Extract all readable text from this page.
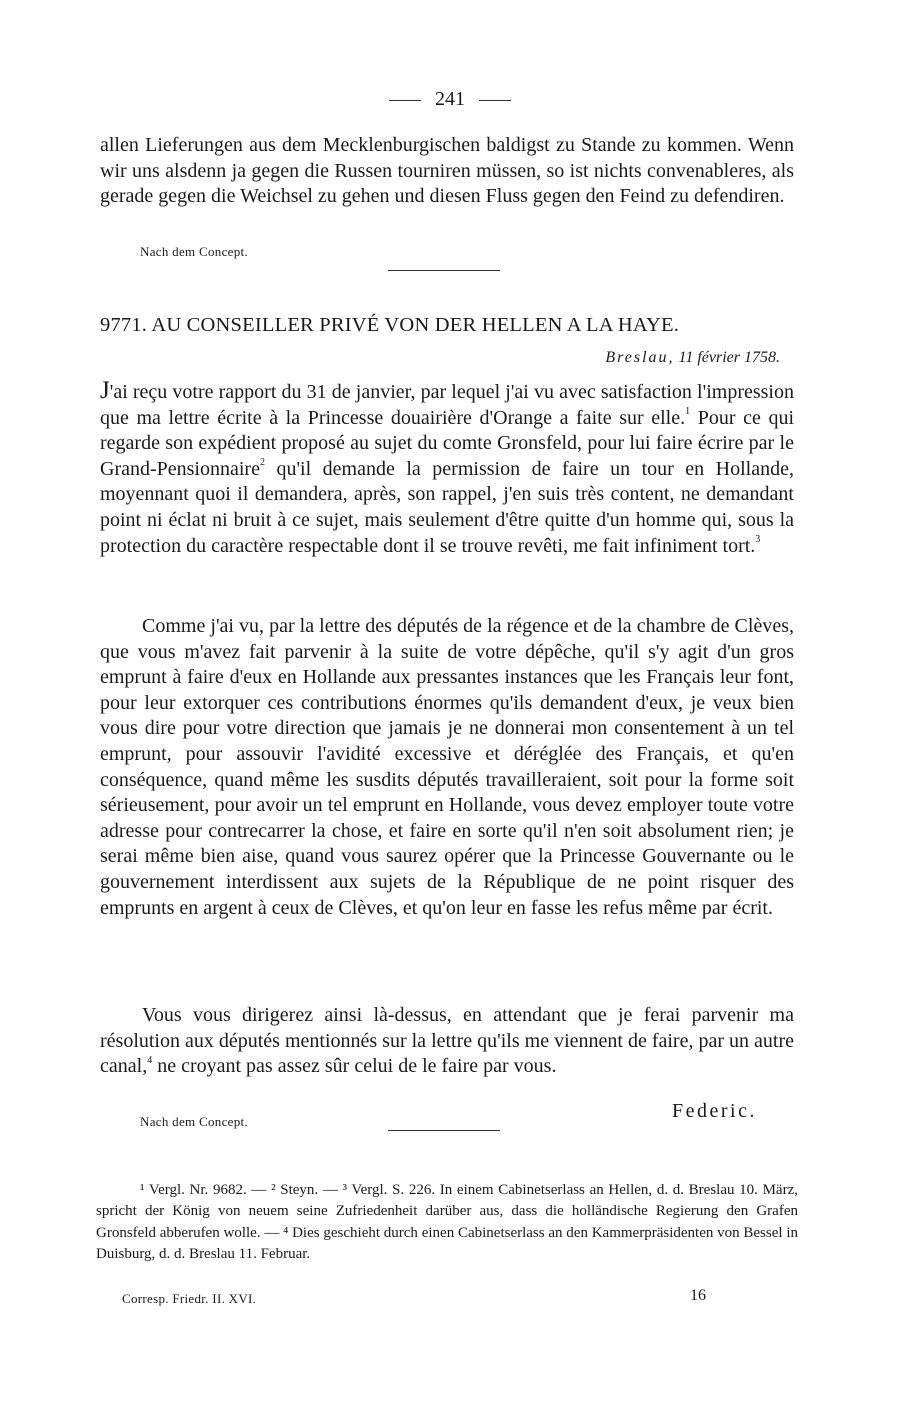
241

allen Lieferungen aus dem Mecklenburgischen baldigst zu Stande zu kommen. Wenn wir uns alsdenn ja gegen die Russen tourniren müssen, so ist nichts convenableres, als gerade gegen die Weichsel zu gehen und diesen Fluss gegen den Feind zu defendiren.

Nach dem Concept.
9771. AU CONSEILLER PRIVÉ VON DER HELLEN A LA HAYE.
Breslau, 11 février 1758.

J'ai reçu votre rapport du 31 de janvier, par lequel j'ai vu avec satisfaction l'impression que ma lettre écrite à la Princesse douairière d'Orange a faite sur elle.$^1$ Pour ce qui regarde son expédient proposé au sujet du comte Gronsfeld, pour lui faire écrire par le Grand-Pensionnaire$^2$ qu'il demande la permission de faire un tour en Hollande, moyennant quoi il demandera, après, son rappel, j'en suis très content, ne demandant point ni éclat ni bruit à ce sujet, mais seulement d'être quitte d'un homme qui, sous la protection du caractère respectable dont il se trouve revêti, me fait infiniment tort.$^3$

Comme j'ai vu, par la lettre des députés de la régence et de la chambre de Clèves, que vous m'avez fait parvenir à la suite de votre dépêche, qu'il s'y agit d'un gros emprunt à faire d'eux en Hollande aux pressantes instances que les Français leur font, pour leur extorquer ces contributions énormes qu'ils demandent d'eux, je veux bien vous dire pour votre direction que jamais je ne donnerai mon consentement à un tel emprunt, pour assouvir l'avidité excessive et déréglée des Français, et qu'en conséquence, quand même les susdits députés travailleraient, soit pour la forme soit sérieusement, pour avoir un tel emprunt en Hollande, vous devez employer toute votre adresse pour contrecarrer la chose, et faire en sorte qu'il n'en soit absolument rien; je serai même bien aise, quand vous saurez opérer que la Princesse Gouvernante ou le gouvernement interdissent aux sujets de la République de ne point risquer des emprunts en argent à ceux de Clèves, et qu'on leur en fasse les refus même par écrit.

Vous vous dirigerez ainsi là-dessus, en attendant que je ferai parvenir ma résolution aux députés mentionnés sur la lettre qu'ils me viennent de faire, par un autre canal,$^4$ ne croyant pas assez sûr celui de le faire par vous.

Nach dem Concept.	Federic.

¹ Vergl. Nr. 9682. — ² Steyn. — ³ Vergl. S. 226. In einem Cabinetserlass an Hellen, d. d. Breslau 10. März, spricht der König von neuem seine Zufriedenheit darüber aus, dass die holländische Regierung den Grafen Gronsfeld abberufen wolle. — ⁴ Dies geschieht durch einen Cabinetserlass an den Kammerpräsidenten von Bessel in Duisburg, d. d. Breslau 11. Februar.

Corresp. Friedr. II. XVI.	16
